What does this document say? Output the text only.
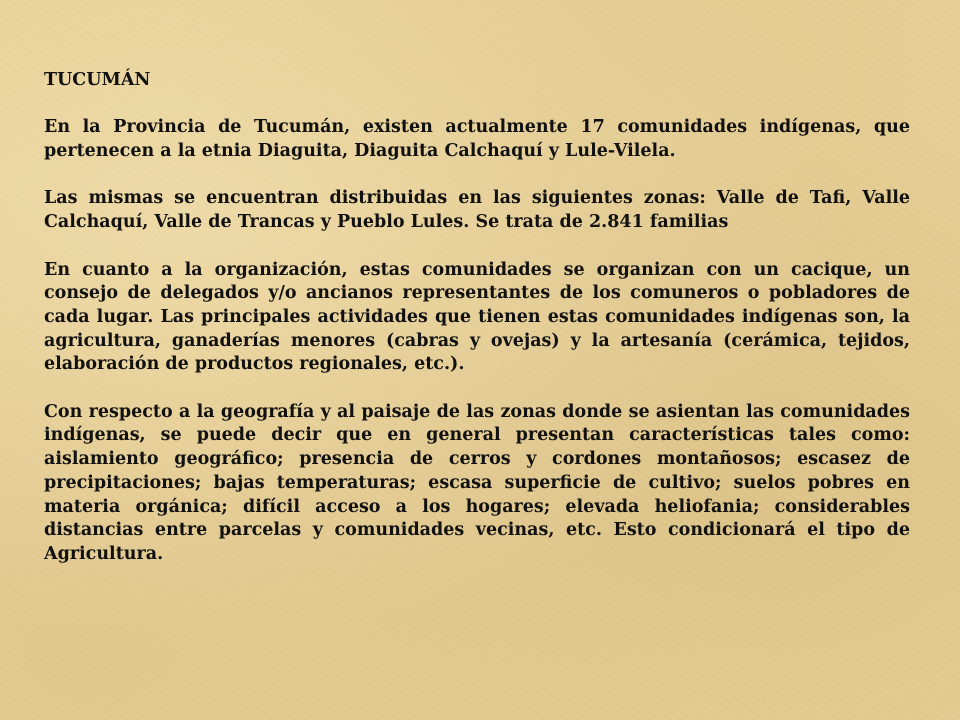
TUCUMÁN
En la Provincia de Tucumán, existen actualmente 17 comunidades indígenas, que pertenecen a la etnia Diaguita, Diaguita Calchaquí y Lule-Vilela.
Las mismas se encuentran distribuidas en las siguientes zonas: Valle de Tafi, Valle Calchaquí, Valle de Trancas y Pueblo Lules. Se trata de 2.841 familias
En cuanto a la organización, estas comunidades se organizan con un cacique, un consejo de delegados y/o ancianos representantes de los comuneros o pobladores de cada lugar. Las principales actividades que tienen estas comunidades indígenas son, la agricultura, ganaderías menores (cabras y ovejas) y la artesanía (cerámica, tejidos, elaboración de productos regionales, etc.).
Con respecto a la geografía y al paisaje de las zonas donde se asientan las comunidades indígenas, se puede decir que en general presentan características tales como: aislamiento geográfico; presencia de cerros y cordones montañosos; escasez de precipitaciones; bajas temperaturas; escasa superficie de cultivo; suelos pobres en materia orgánica; difícil acceso a los hogares; elevada heliofania; considerables distancias entre parcelas y comunidades vecinas, etc. Esto condicionará el tipo de Agricultura.
